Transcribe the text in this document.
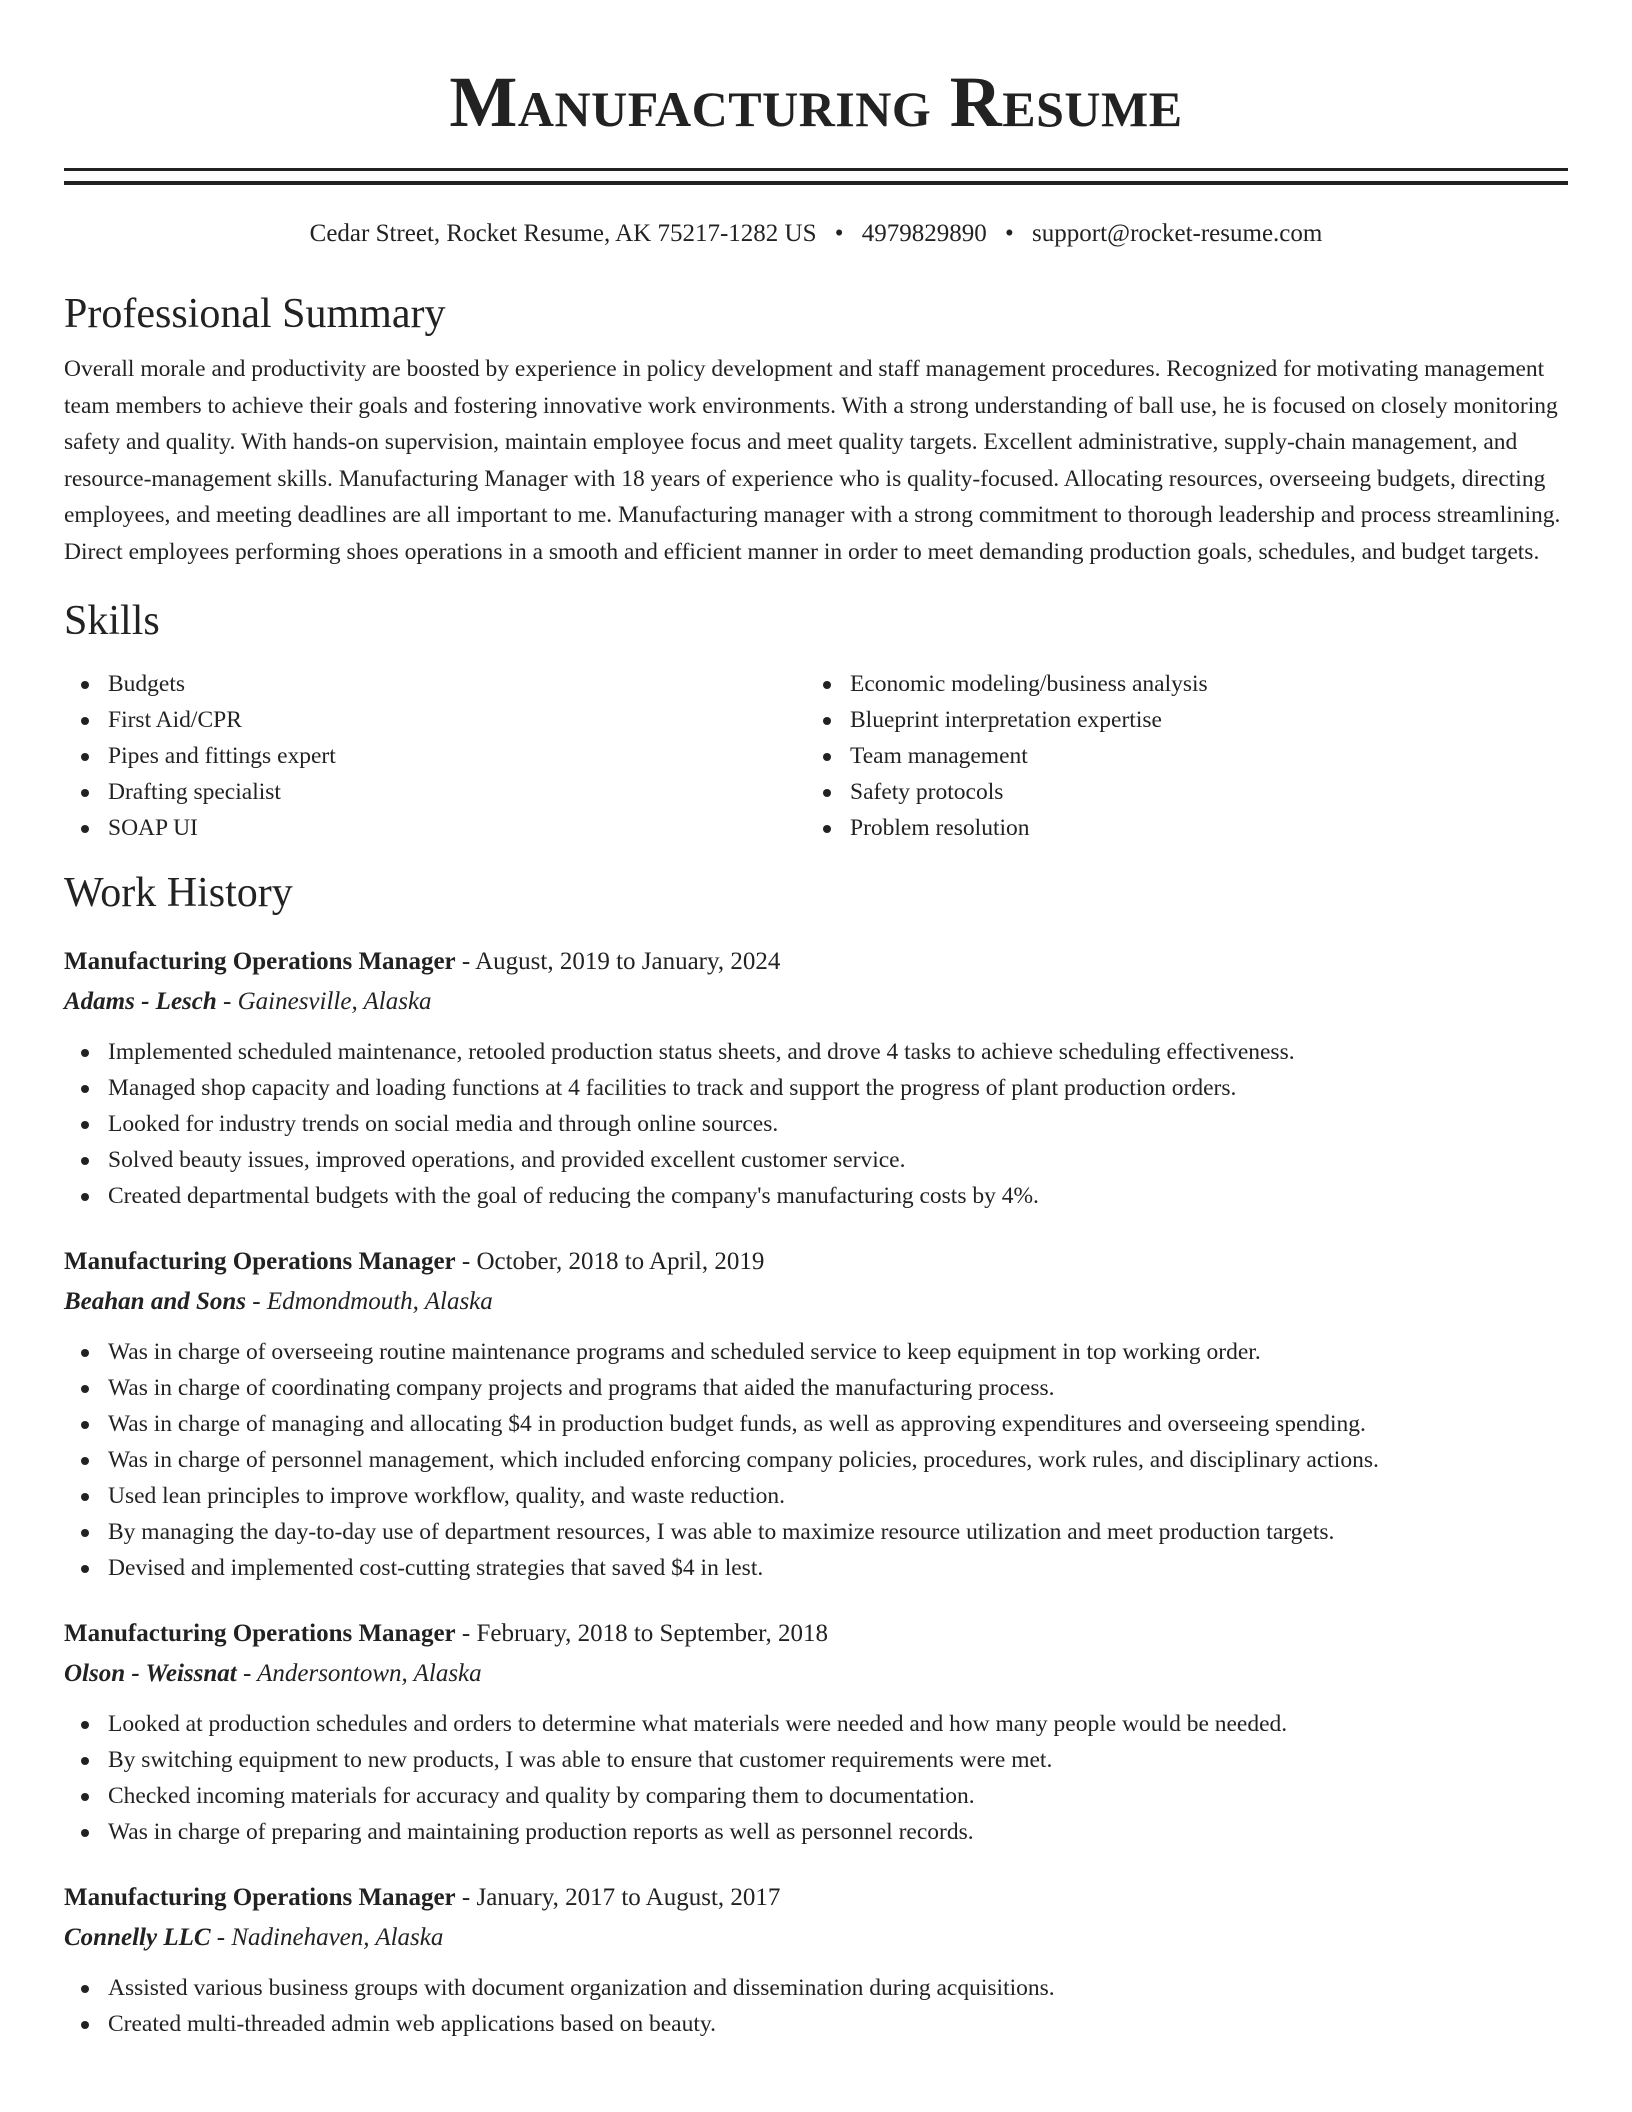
Manufacturing Resume
Cedar Street, Rocket Resume, AK 75217-1282 US • 4979829890 • support@rocket-resume.com
Professional Summary

Overall morale and productivity are boosted by experience in policy development and staff management procedures. Recognized for motivating management team members to achieve their goals and fostering innovative work environments. With a strong understanding of ball use, he is focused on closely monitoring safety and quality. With hands-on supervision, maintain employee focus and meet quality targets. Excellent administrative, supply-chain management, and resource-management skills. Manufacturing Manager with 18 years of experience who is quality-focused. Allocating resources, overseeing budgets, directing employees, and meeting deadlines are all important to me. Manufacturing manager with a strong commitment to thorough leadership and process streamlining. Direct employees performing shoes operations in a smooth and efficient manner in order to meet demanding production goals, schedules, and budget targets.

Skills
Budgets
First Aid/CPR
Pipes and fittings expert
Drafting specialist
SOAP UI
Economic modeling/business analysis
Blueprint interpretation expertise
Team management
Safety protocols
Problem resolution
Work History
Manufacturing Operations Manager - August, 2019 to January, 2024
Adams - Lesch - Gainesville, Alaska
Implemented scheduled maintenance, retooled production status sheets, and drove 4 tasks to achieve scheduling effectiveness.
Managed shop capacity and loading functions at 4 facilities to track and support the progress of plant production orders.
Looked for industry trends on social media and through online sources.
Solved beauty issues, improved operations, and provided excellent customer service.
Created departmental budgets with the goal of reducing the company's manufacturing costs by 4%.
Manufacturing Operations Manager - October, 2018 to April, 2019
Beahan and Sons - Edmondmouth, Alaska
Was in charge of overseeing routine maintenance programs and scheduled service to keep equipment in top working order.
Was in charge of coordinating company projects and programs that aided the manufacturing process.
Was in charge of managing and allocating $4 in production budget funds, as well as approving expenditures and overseeing spending.
Was in charge of personnel management, which included enforcing company policies, procedures, work rules, and disciplinary actions.
Used lean principles to improve workflow, quality, and waste reduction.
By managing the day-to-day use of department resources, I was able to maximize resource utilization and meet production targets.
Devised and implemented cost-cutting strategies that saved $4 in lest.
Manufacturing Operations Manager - February, 2018 to September, 2018
Olson - Weissnat - Andersontown, Alaska
Looked at production schedules and orders to determine what materials were needed and how many people would be needed.
By switching equipment to new products, I was able to ensure that customer requirements were met.
Checked incoming materials for accuracy and quality by comparing them to documentation.
Was in charge of preparing and maintaining production reports as well as personnel records.
Manufacturing Operations Manager - January, 2017 to August, 2017
Connelly LLC - Nadinehaven, Alaska
Assisted various business groups with document organization and dissemination during acquisitions.
Created multi-threaded admin web applications based on beauty.
